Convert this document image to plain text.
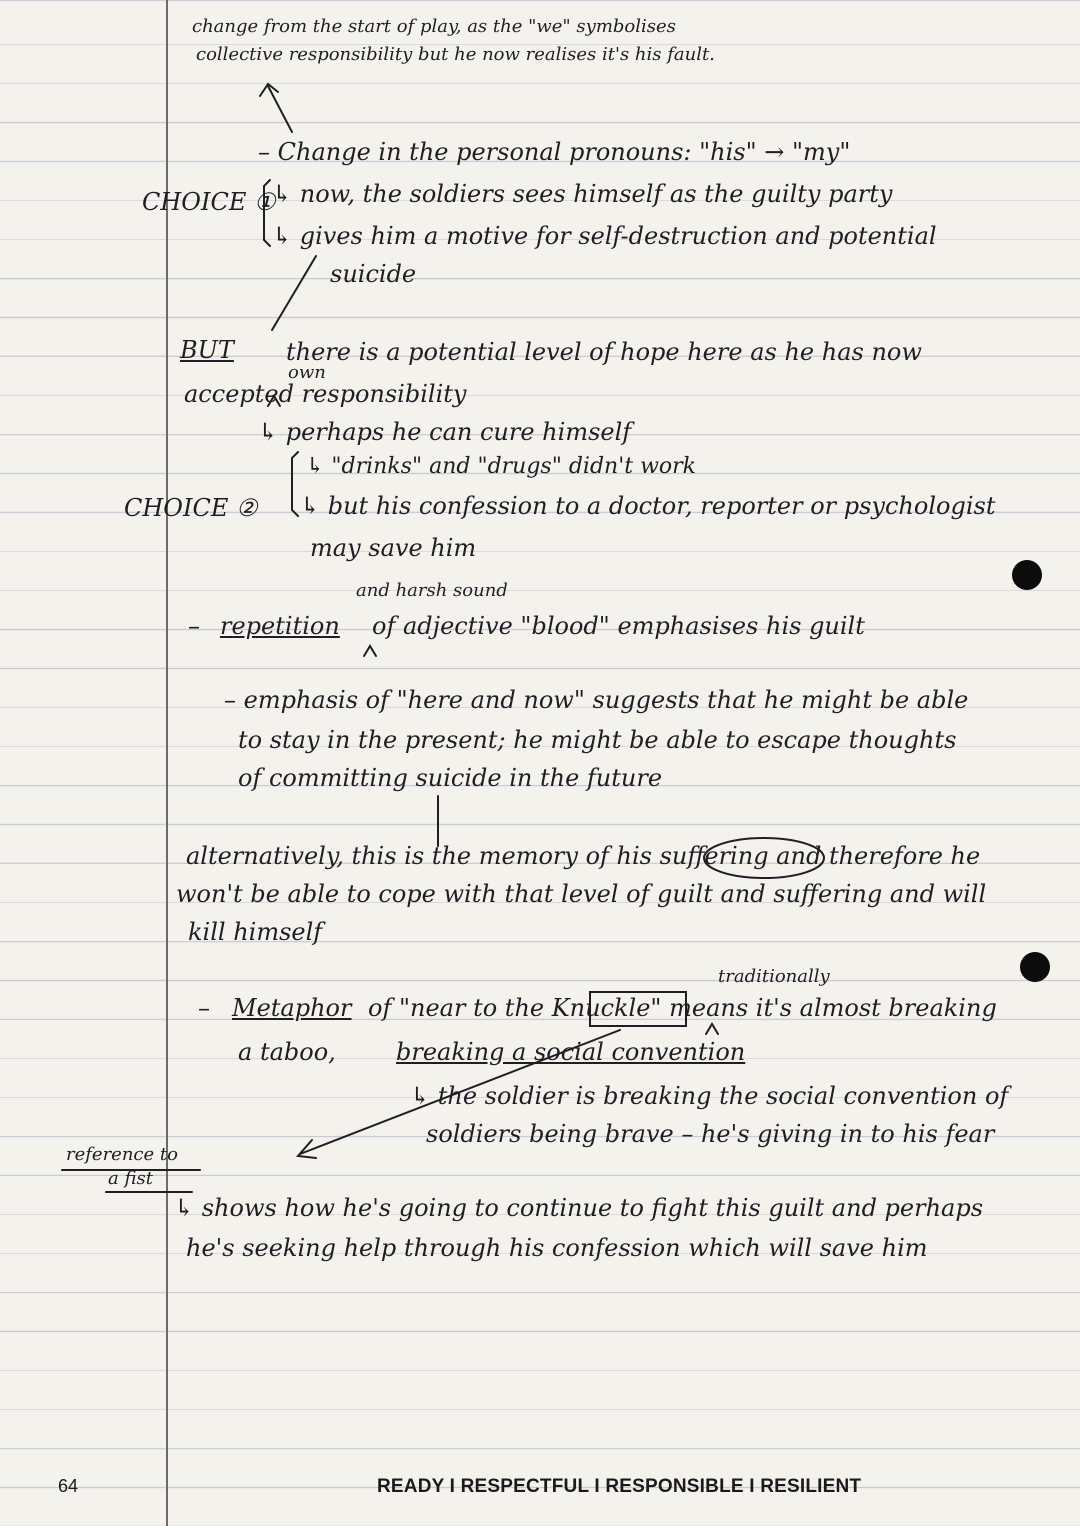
change from the start of play, as the "we" symbolises

collective responsibility but he now realises it's his fault.

– Change in the personal pronouns: "his" → "my"

CHOICE ①

↳ now, the soldiers sees himself as the guilty party

↳ gives him a motive for self-destruction and potential

suicide

BUT there is a potential level of hope here as he has now

own

accepted responsibility

↳ perhaps he can cure himself

↳ "drinks" and "drugs" didn't work

CHOICE ② ↳ but his confession to a doctor, reporter or psychologist

may save him

and harsh sound

– repetition of adjective "blood" emphasises his guilt

– emphasis of "here and now" suggests that he might be able

to stay in the present; he might be able to escape thoughts

of committing suicide in the future

alternatively, this is the memory of his suffering and therefore he

won't be able to cope with that level of guilt and suffering and will

kill himself

traditionally

– Metaphor of "near to the Knuckle" means it's almost breaking

a taboo,	breaking a social convention

↳ the soldier is breaking the social convention of

soldiers being brave – he's giving in to his fear

reference to

a fist

↳ shows how he's going to continue to fight this guilt and perhaps

he's seeking help through his confession which will save him

64	READY I RESPECTFUL I RESPONSIBLE I RESILIENT
